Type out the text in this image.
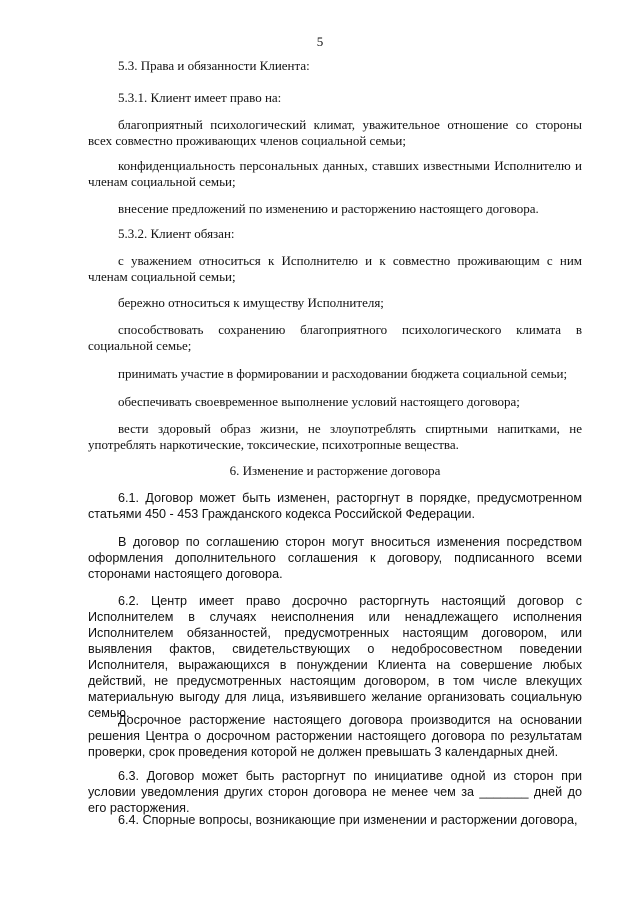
5
5.3. Права и обязанности Клиента:
5.3.1. Клиент имеет право на:
благоприятный психологический климат, уважительное отношение со стороны всех совместно проживающих членов социальной семьи;
конфиденциальность персональных данных, ставших известными Исполнителю и членам социальной семьи;
внесение предложений по изменению и расторжению настоящего договора.
5.3.2. Клиент обязан:
с уважением относиться к Исполнителю и к совместно проживающим с ним членам социальной семьи;
бережно относиться к имуществу Исполнителя;
способствовать сохранению благоприятного психологического климата в социальной семье;
принимать участие в формировании и расходовании бюджета социальной семьи;
обеспечивать своевременное выполнение условий настоящего договора;
вести здоровый образ жизни, не злоупотреблять спиртными напитками, не употреблять наркотические, токсические, психотропные вещества.
6. Изменение и расторжение договора
6.1. Договор может быть изменен, расторгнут в порядке, предусмотренном статьями 450 - 453 Гражданского кодекса Российской Федерации.
В договор по соглашению сторон могут вноситься изменения посредством оформления дополнительного соглашения к договору, подписанного всеми сторонами настоящего договора.
6.2. Центр имеет право досрочно расторгнуть настоящий договор с Исполнителем в случаях неисполнения или ненадлежащего исполнения Исполнителем обязанностей, предусмотренных настоящим договором, или выявления фактов, свидетельствующих о недобросовестном поведении Исполнителя, выражающихся в понуждении Клиента на совершение любых действий, не предусмотренных настоящим договором, в том числе влекущих материальную выгоду для лица, изъявившего желание организовать социальную семью.
Досрочное расторжение настоящего договора производится на основании решения Центра о досрочном расторжении настоящего договора по результатам проверки, срок проведения которой не должен превышать 3 календарных дней.
6.3. Договор может быть расторгнут по инициативе одной из сторон при условии уведомления других сторон договора не менее чем за _______ дней до его расторжения.
6.4. Спорные вопросы, возникающие при изменении и расторжении договора,
